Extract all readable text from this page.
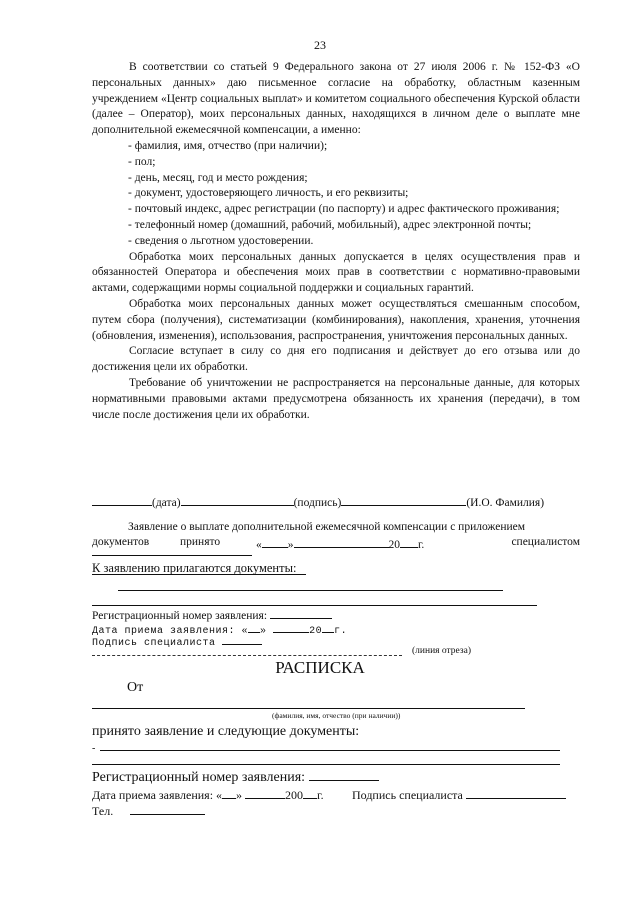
23

В соответствии со статьей 9 Федерального закона от 27 июля 2006 г. № 152-ФЗ «О персональных данных» даю письменное согласие на обработку, областным казенным учреждением «Центр социальных выплат» и комитетом социального обеспечения Курской области (далее – Оператор), моих персональных данных, находящихся в личном деле о выплате мне дополнительной ежемесячной компенсации, а именно:

- фамилия, имя, отчество (при наличии);

- пол;

- день, месяц, год и место рождения;

- документ, удостоверяющего личность, и его реквизиты;

- почтовый индекс, адрес регистрации (по паспорту) и адрес фактического проживания;

- телефонный номер (домашний, рабочий, мобильный), адрес электронной почты;

- сведения о льготном удостоверении.

Обработка моих персональных данных допускается в целях осуществления прав и обязанностей Оператора и обеспечения моих прав в соответствии с нормативно-правовыми актами, содержащими нормы социальной поддержки и социальных гарантий.

Обработка моих персональных данных может осуществляться смешанным способом, путем сбора (получения), систематизации (комбинирования), накопления, хранения, уточнения (обновления, изменения), использования, распространения, уничтожения персональных данных.

Согласие вступает в силу со дня его подписания и действует до его отзыва или до достижения цели их обработки.

Требование об уничтожении не распространяется на персональные данные, для которых нормативными правовыми актами предусмотрена обязанность их хранения (передачи), в том числе после достижения цели их обработки.

(дата)	(подпись)	(И.О. Фамилия)
Заявление о выплате дополнительной ежемесячной компенсации с приложением
документов	принято	« »	20 г.	специалистом
К заявлению прилагаются документы:
Регистрационный номер заявления:
Дата приема заявления: « »	20 г.
Подпись специалиста
(линия отреза)
РАСПИСКА
От
(фамилия, имя, отчество (при наличии))
принято заявление и следующие документы:
-
Регистрационный номер заявления:
Дата приема заявления: « »	200 г. Подпись специалиста
Тел.
